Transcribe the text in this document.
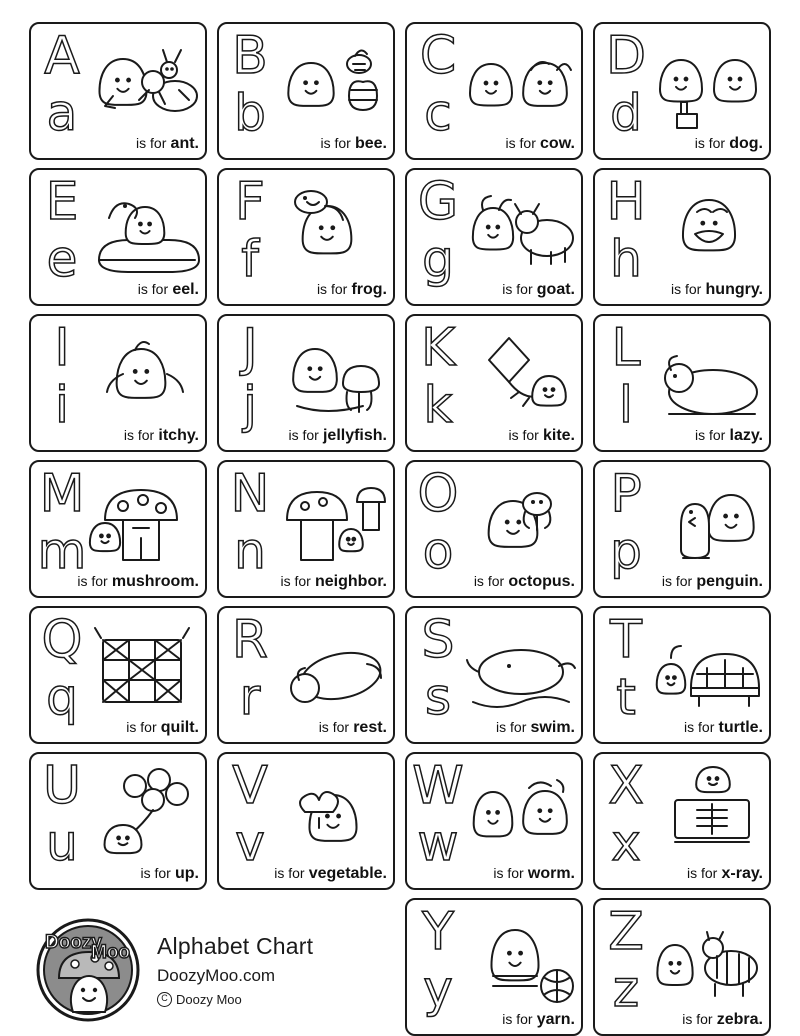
A
a
is for ant.
B
b
is for bee.
C
c
is for cow.
D
d
is for dog.
E
e
is for eel.
F
f
is for frog.
G
g
is for goat.
H
h
is for hungry.
I
i
is for itchy.
J
j
is for jellyfish.
K
k
is for kite.
L
l
is for lazy.
M
m
is for mushroom.
N
n
is for neighbor.
O
o
is for octopus.
P
p
is for penguin.
Q
q
is for quilt.
R
r
is for rest.
S
s
is for swim.
T
t
is for turtle.
U
u
is for up.
V
v
is for vegetable.
W
w
is for worm.
X
x
is for x-ray.
Doozy
Moo Alphabet Chart
DoozyMoo.com
C Doozy Moo
Y
y
is for yarn.
Z
z
is for zebra.
